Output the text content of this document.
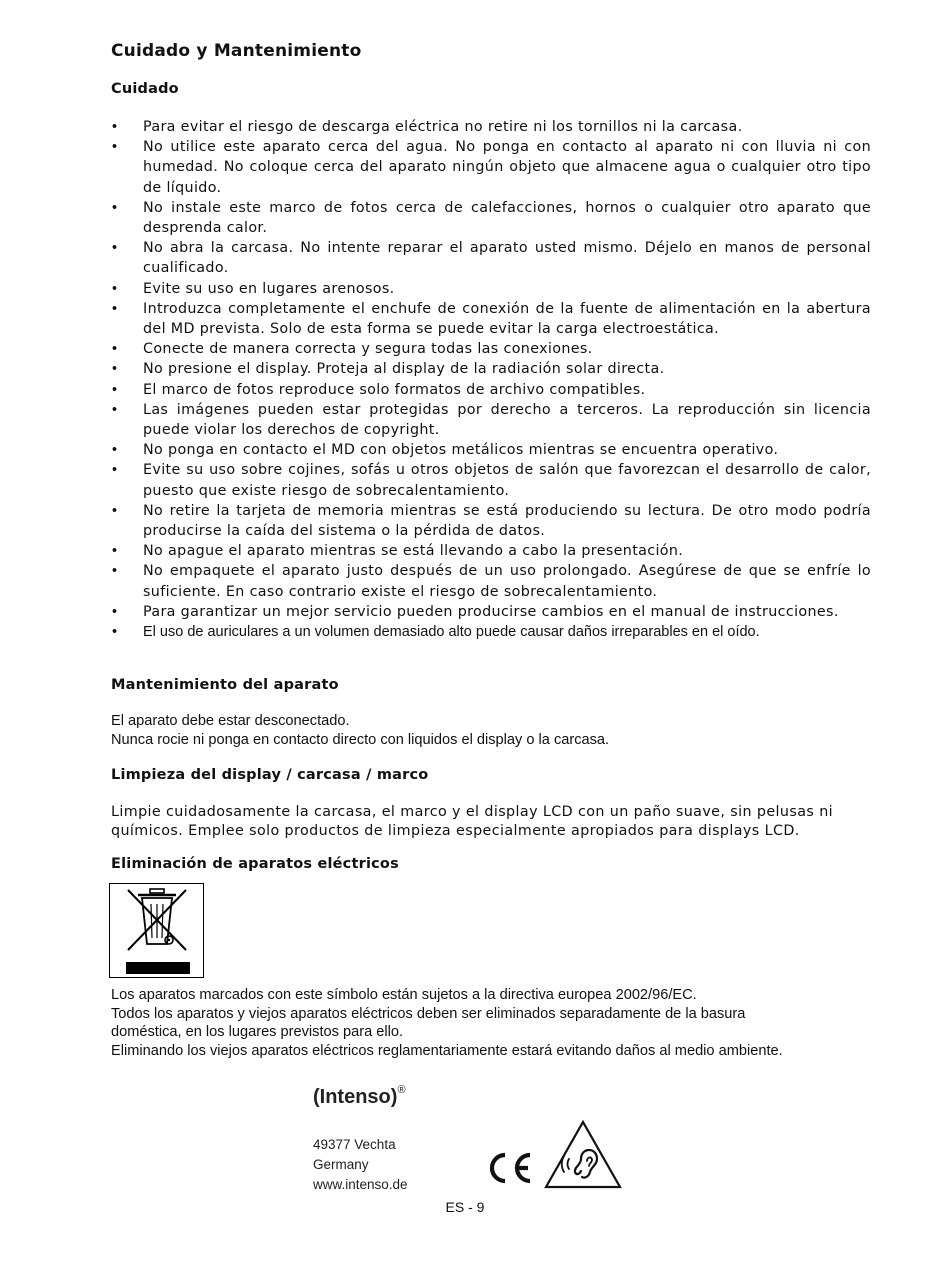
Cuidado y Mantenimiento
Cuidado
• Para evitar el riesgo de descarga eléctrica no retire ni los tornillos ni la carcasa.
• No utilice este aparato cerca del agua. No ponga en contacto al aparato ni con lluvia ni con humedad. No coloque cerca del aparato ningún objeto que almacene agua o cualquier otro tipo de líquido.
• No instale este marco de fotos cerca de calefacciones, hornos o cualquier otro aparato que desprenda calor.
• No abra la carcasa. No intente reparar el aparato usted mismo. Déjelo en manos de personal cualificado.
• Evite su uso en lugares arenosos.
• Introduzca completamente el enchufe de conexión de la fuente de alimentación en la abertura del MD prevista. Solo de esta forma se puede evitar la carga electroestática.
• Conecte de manera correcta y segura todas las conexiones.
• No presione el display. Proteja al display de la radiación solar directa.
• El marco de fotos reproduce solo formatos de archivo compatibles.
• Las imágenes pueden estar protegidas por derecho a terceros. La reproducción sin licencia puede violar los derechos de copyright.
• No ponga en contacto el MD con objetos metálicos mientras se encuentra operativo.
• Evite su uso sobre cojines, sofás u otros objetos de salón que favorezcan el desarrollo de calor, puesto que existe riesgo de sobrecalentamiento.
• No retire la tarjeta de memoria mientras se está produciendo su lectura. De otro modo podría producirse la caída del sistema o la pérdida de datos.
• No apague el aparato mientras se está llevando a cabo la presentación.
• No empaquete el aparato justo después de un uso prolongado. Asegúrese de que se enfríe lo suficiente. En caso contrario existe el riesgo de sobrecalentamiento.
• Para garantizar un mejor servicio pueden producirse cambios en el manual de instrucciones.
• El uso de auriculares a un volumen demasiado alto puede causar daños irreparables en el oído.
Mantenimiento del aparato
El aparato debe estar desconectado.
Nunca rocie ni ponga en contacto directo con liquidos el display o la carcasa.
Limpieza del display / carcasa / marco
Limpie cuidadosamente la carcasa, el marco y el display LCD con un paño suave, sin pelusas ni
químicos. Emplee solo productos de limpieza especialmente apropiados para displays LCD.
Eliminación de aparatos eléctricos
Los aparatos marcados con este símbolo están sujetos a la directiva europea 2002/96/EC.
Todos los aparatos y viejos aparatos eléctricos deben ser eliminados separadamente de la basura
doméstica, en los lugares previstos para ello.
Eliminando los viejos aparatos eléctricos reglamentariamente estará evitando daños al medio ambiente.
(Intenso)®
49377 Vechta
Germany
www.intenso.de
ES - 9
